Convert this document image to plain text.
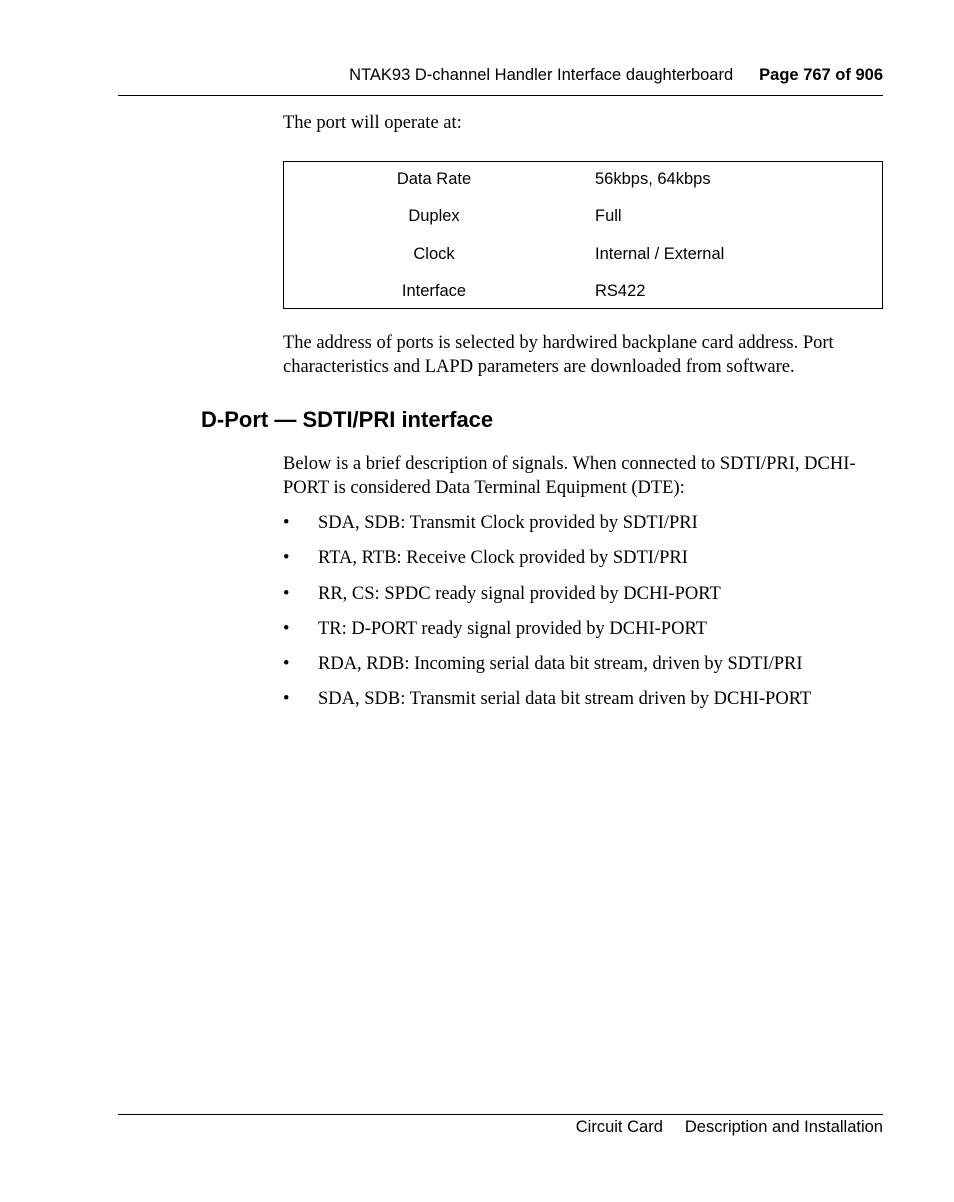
NTAK93 D-channel Handler Interface daughterboard Page 767 of 906
The port will operate at:
Data Rate	56kbps, 64kbps
Duplex	Full
Clock	Internal / External
Interface	RS422
The address of ports is selected by hardwired backplane card address. Port characteristics and LAPD parameters are downloaded from software.
D-Port — SDTI/PRI interface
Below is a brief description of signals. When connected to SDTI/PRI, DCHI-PORT is considered Data Terminal Equipment (DTE):
• SDA, SDB: Transmit Clock provided by SDTI/PRI
• RTA, RTB: Receive Clock provided by SDTI/PRI
• RR, CS: SPDC ready signal provided by DCHI-PORT
• TR: D-PORT ready signal provided by DCHI-PORT
• RDA, RDB: Incoming serial data bit stream, driven by SDTI/PRI
• SDA, SDB: Transmit serial data bit stream driven by DCHI-PORT
Circuit Card Description and Installation
